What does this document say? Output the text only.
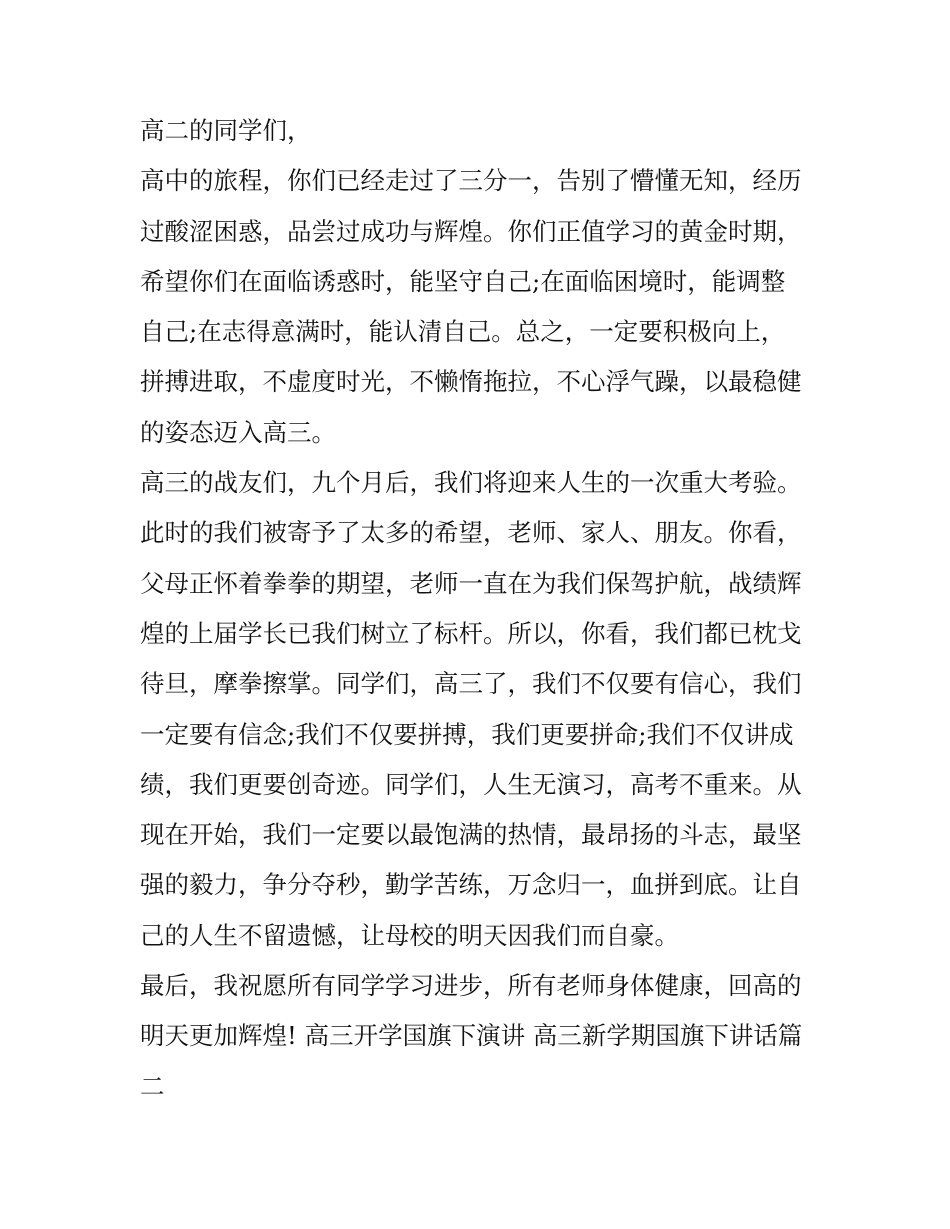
高二的同学们，
高中的旅程，你们已经走过了三分一，告别了懵懂无知，经历
过酸涩困惑，品尝过成功与辉煌。你们正值学习的黄金时期，
希望你们在面临诱惑时，能坚守自己;在面临困境时，能调整
自己;在志得意满时，能认清自己。总之，一定要积极向上，
拼搏进取，不虚度时光，不懒惰拖拉，不心浮气躁，以最稳健
的姿态迈入高三。
高三的战友们，九个月后，我们将迎来人生的一次重大考验。
此时的我们被寄予了太多的希望，老师、家人、朋友。你看，
父母正怀着拳拳的期望，老师一直在为我们保驾护航，战绩辉
煌的上届学长已我们树立了标杆。所以，你看，我们都已枕戈
待旦，摩拳擦掌。同学们，高三了，我们不仅要有信心，我们
一定要有信念;我们不仅要拼搏，我们更要拼命;我们不仅讲成
绩，我们更要创奇迹。同学们，人生无演习，高考不重来。从
现在开始，我们一定要以最饱满的热情，最昂扬的斗志，最坚
强的毅力，争分夺秒，勤学苦练，万念归一，血拼到底。让自
己的人生不留遗憾，让母校的明天因我们而自豪。
最后，我祝愿所有同学学习进步，所有老师身体健康，回高的
明天更加辉煌! 高三开学国旗下演讲 高三新学期国旗下讲话篇
二
